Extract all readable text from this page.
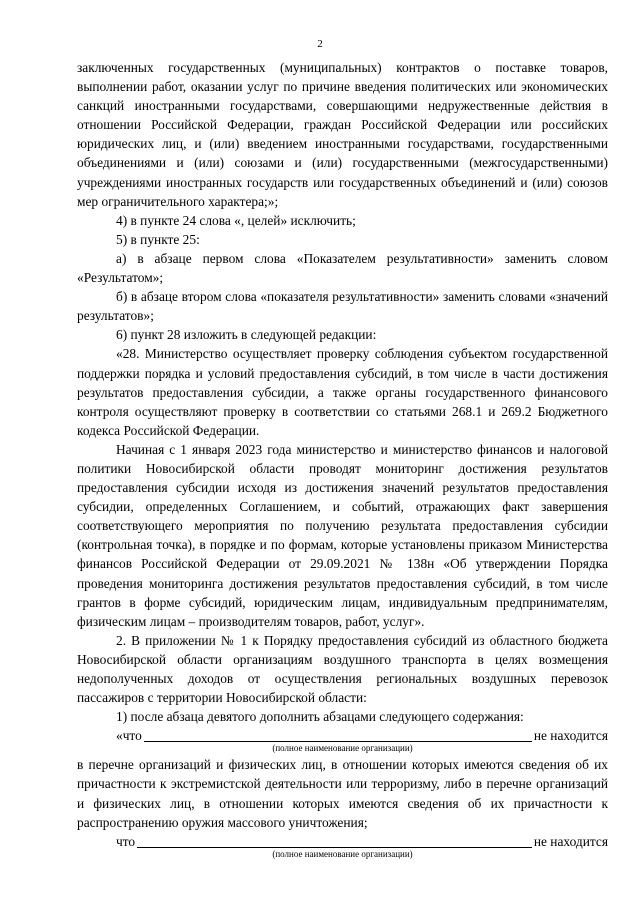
2

заключенных государственных (муниципальных) контрактов о поставке товаров, выполнении работ, оказании услуг по причине введения политических или экономических санкций иностранными государствами, совершающими недружественные действия в отношении Российской Федерации, граждан Российской Федерации или российских юридических лиц, и (или) введением иностранными государствами, государственными объединениями и (или) союзами и (или) государственными (межгосударственными) учреждениями иностранных государств или государственных объединений и (или) союзов мер ограничительного характера;»;

4) в пункте 24 слова «, целей» исключить;

5) в пункте 25:

а) в абзаце первом слова «Показателем результативности» заменить словом «Результатом»;

б) в абзаце втором слова «показателя результативности» заменить словами «значений результатов»;

6) пункт 28 изложить в следующей редакции:

«28. Министерство осуществляет проверку соблюдения субъектом государственной поддержки порядка и условий предоставления субсидий, в том числе в части достижения результатов предоставления субсидии, а также органы государственного финансового контроля осуществляют проверку в соответствии со статьями 268.1 и 269.2 Бюджетного кодекса Российской Федерации.

Начиная с 1 января 2023 года министерство и министерство финансов и налоговой политики Новосибирской области проводят мониторинг достижения результатов предоставления субсидии исходя из достижения значений результатов предоставления субсидии, определенных Соглашением, и событий, отражающих факт завершения соответствующего мероприятия по получению результата предоставления субсидии (контрольная точка), в порядке и по формам, которые установлены приказом Министерства финансов Российской Федерации от 29.09.2021 № 138н «Об утверждении Порядка проведения мониторинга достижения результатов предоставления субсидий, в том числе грантов в форме субсидий, юридическим лицам, индивидуальным предпринимателям, физическим лицам – производителям товаров, работ, услуг».

2. В приложении № 1 к Порядку предоставления субсидий из областного бюджета Новосибирской области организациям воздушного транспорта в целях возмещения недополученных доходов от осуществления региональных воздушных перевозок пассажиров с территории Новосибирской области:

1) после абзаца девятого дополнить абзацами следующего содержания:

«что	не находится
(полное наименование организации)

в перечне организаций и физических лиц, в отношении которых имеются сведения об их причастности к экстремистской деятельности или терроризму, либо в перечне организаций и физических лиц, в отношении которых имеются сведения об их причастности к распространению оружия массового уничтожения;

что	не находится
(полное наименование организации)
